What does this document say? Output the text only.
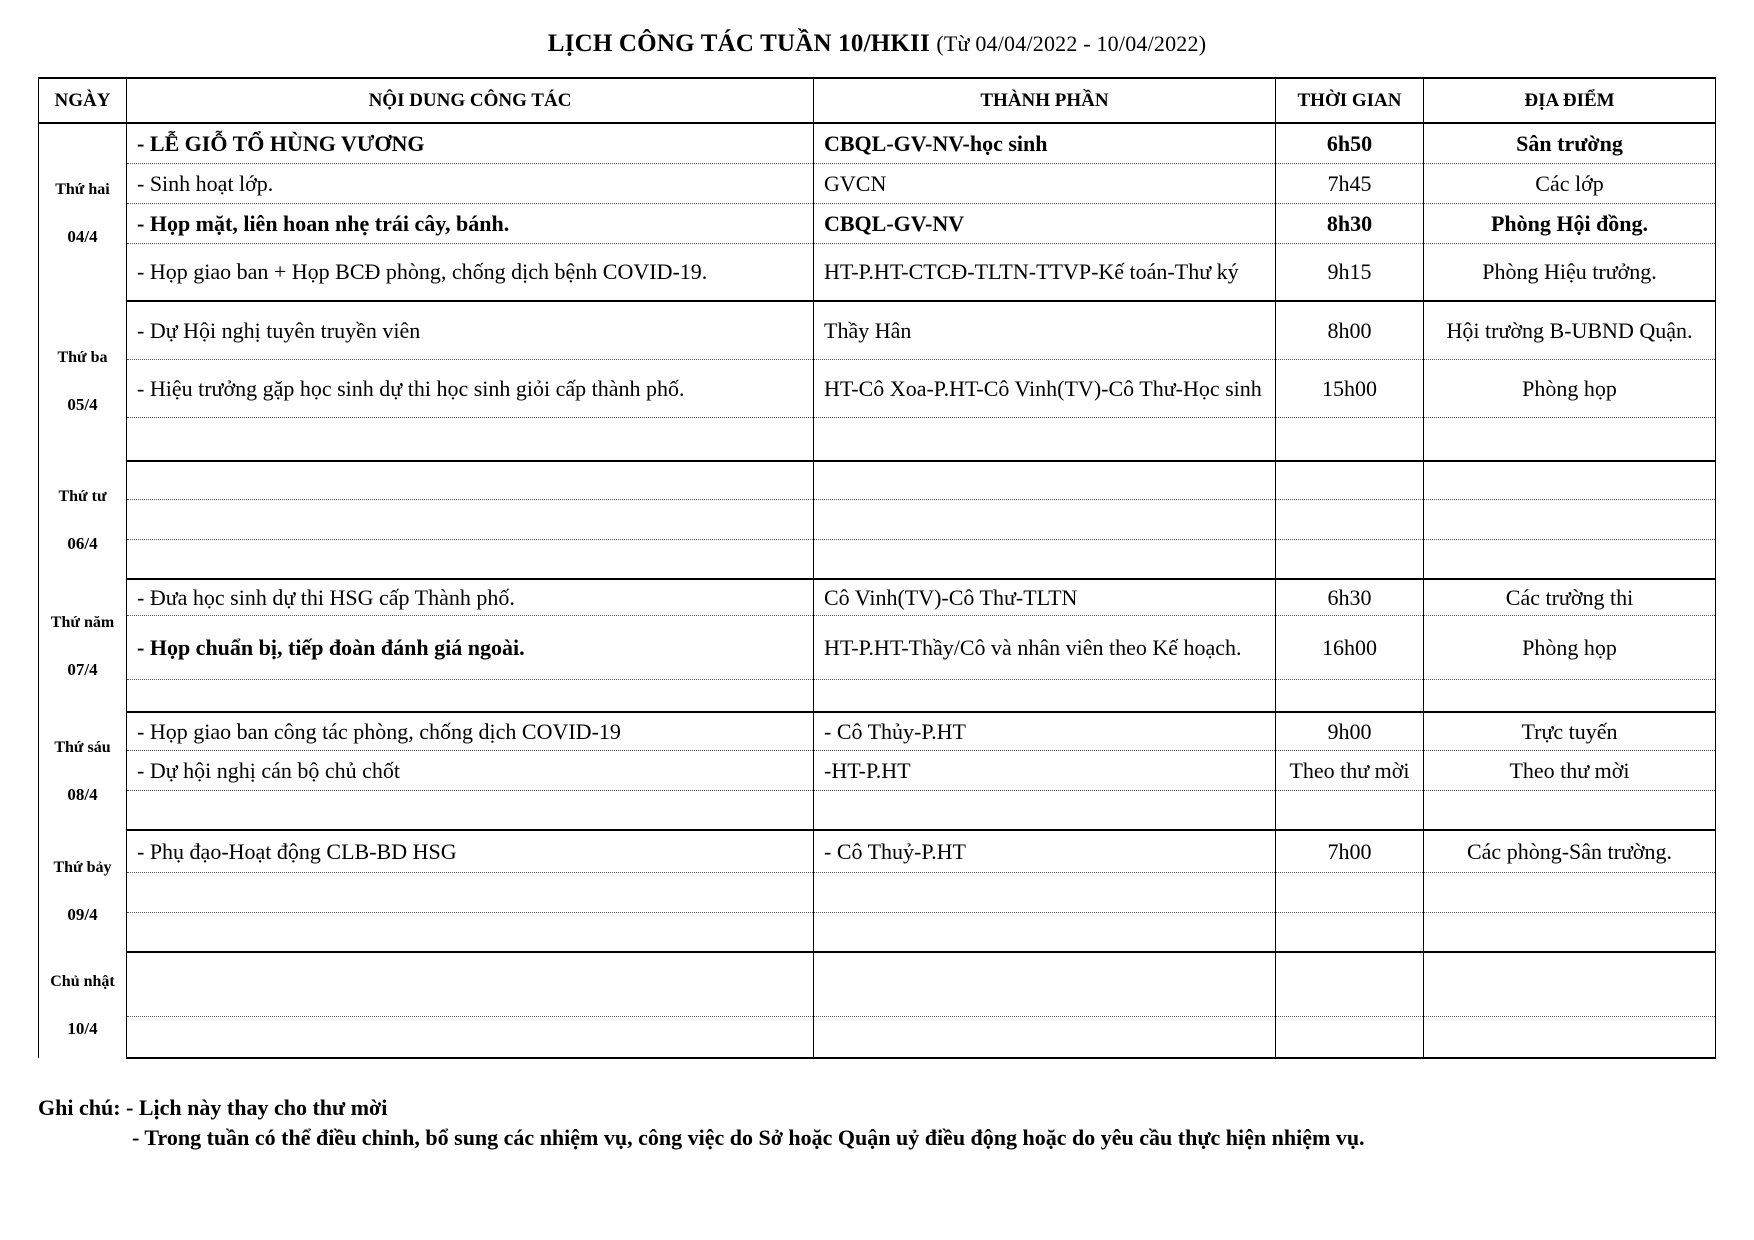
LỊCH CÔNG TÁC TUẦN 10/HKII (Từ 04/04/2022 - 10/04/2022)
NGÀY	NỘI DUNG CÔNG TÁC	THÀNH PHẦN	THỜI GIAN	ĐỊA ĐIỂM

Thứ hai
04/4	- LỄ GIỖ TỔ HÙNG VƯƠNG	CBQL-GV-NV-học sinh	6h50	Sân trường
	- Sinh hoạt lớp.	GVCN	7h45	Các lớp
	- Họp mặt, liên hoan nhẹ trái cây, bánh.	CBQL-GV-NV	8h30	Phòng Hội đồng.
	- Họp giao ban + Họp BCĐ phòng, chống dịch bệnh COVID-19.	HT-P.HT-CTCĐ-TLTN-TTVP-Kế toán-Thư ký	9h15	Phòng Hiệu trưởng.

Thứ ba
05/4	- Dự Hội nghị tuyên truyền viên	Thầy Hân	8h00	Hội trường B-UBND Quận.
	- Hiệu trưởng gặp học sinh dự thi học sinh giỏi cấp thành phố.	HT-Cô Xoa-P.HT-Cô Vinh(TV)-Cô Thư-Học sinh	15h00	Phòng họp

Thứ tư
06/4				

Thứ năm
07/4	- Đưa học sinh dự thi HSG cấp Thành phố.	Cô Vinh(TV)-Cô Thư-TLTN	6h30	Các trường thi
	- Họp chuẩn bị, tiếp đoàn đánh giá ngoài.	HT-P.HT-Thầy/Cô và nhân viên theo Kế hoạch.	16h00	Phòng họp

Thứ sáu
08/4	- Họp giao ban công tác phòng, chống dịch COVID-19	- Cô Thủy-P.HT	9h00	Trực tuyến
	- Dự hội nghị cán bộ chủ chốt	-HT-P.HT	Theo thư mời	Theo thư mời

Thứ bảy
09/4	- Phụ đạo-Hoạt động CLB-BD HSG	- Cô Thuỷ-P.HT	7h00	Các phòng-Sân trường.

Chủ nhật
10/4				

Ghi chú: - Lịch này thay cho thư mời
- Trong tuần có thể điều chỉnh, bổ sung các nhiệm vụ, công việc do Sở hoặc Quận uỷ điều động hoặc do yêu cầu thực hiện nhiệm vụ.
